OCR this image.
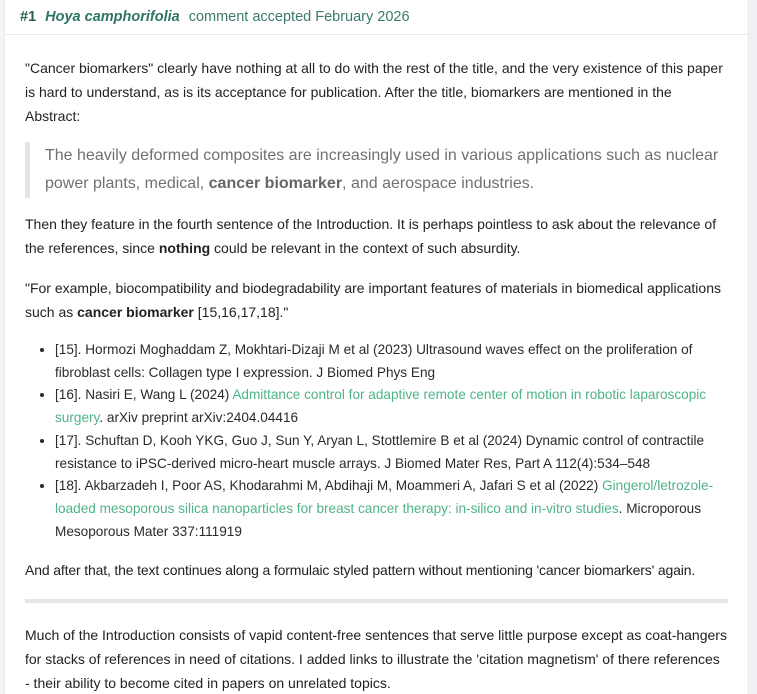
#1 Hoya camphorifolia comment accepted February 2026

"Cancer biomarkers" clearly have nothing at all to do with the rest of the title, and the very existence of this paper is hard to understand, as is its acceptance for publication. After the title, biomarkers are mentioned in the Abstract:

The heavily deformed composites are increasingly used in various applications such as nuclear power plants, medical, cancer biomarker, and aerospace industries.

Then they feature in the fourth sentence of the Introduction. It is perhaps pointless to ask about the relevance of the references, since nothing could be relevant in the context of such absurdity.

"For example, biocompatibility and biodegradability are important features of materials in biomedical applications such as cancer biomarker [15,16,17,18]."

• [15]. Hormozi Moghaddam Z, Mokhtari-Dizaji M et al (2023) Ultrasound waves effect on the proliferation of fibroblast cells: Collagen type I expression. J Biomed Phys Eng
• [16]. Nasiri E, Wang L (2024) Admittance control for adaptive remote center of motion in robotic laparoscopic surgery. arXiv preprint arXiv:2404.04416
• [17]. Schuftan D, Kooh YKG, Guo J, Sun Y, Aryan L, Stottlemire B et al (2024) Dynamic control of contractile resistance to iPSC-derived micro-heart muscle arrays. J Biomed Mater Res, Part A 112(4):534–548
• [18]. Akbarzadeh I, Poor AS, Khodarahmi M, Abdihaji M, Moammeri A, Jafari S et al (2022) Gingerol/letrozole-loaded mesoporous silica nanoparticles for breast cancer therapy: in-silico and in-vitro studies. Microporous Mesoporous Mater 337:111919

And after that, the text continues along a formulaic styled pattern without mentioning 'cancer biomarkers' again.

Much of the Introduction consists of vapid content-free sentences that serve little purpose except as coat-hangers for stacks of references in need of citations. I added links to illustrate the 'citation magnetism' of there references - their ability to become cited in papers on unrelated topics.
